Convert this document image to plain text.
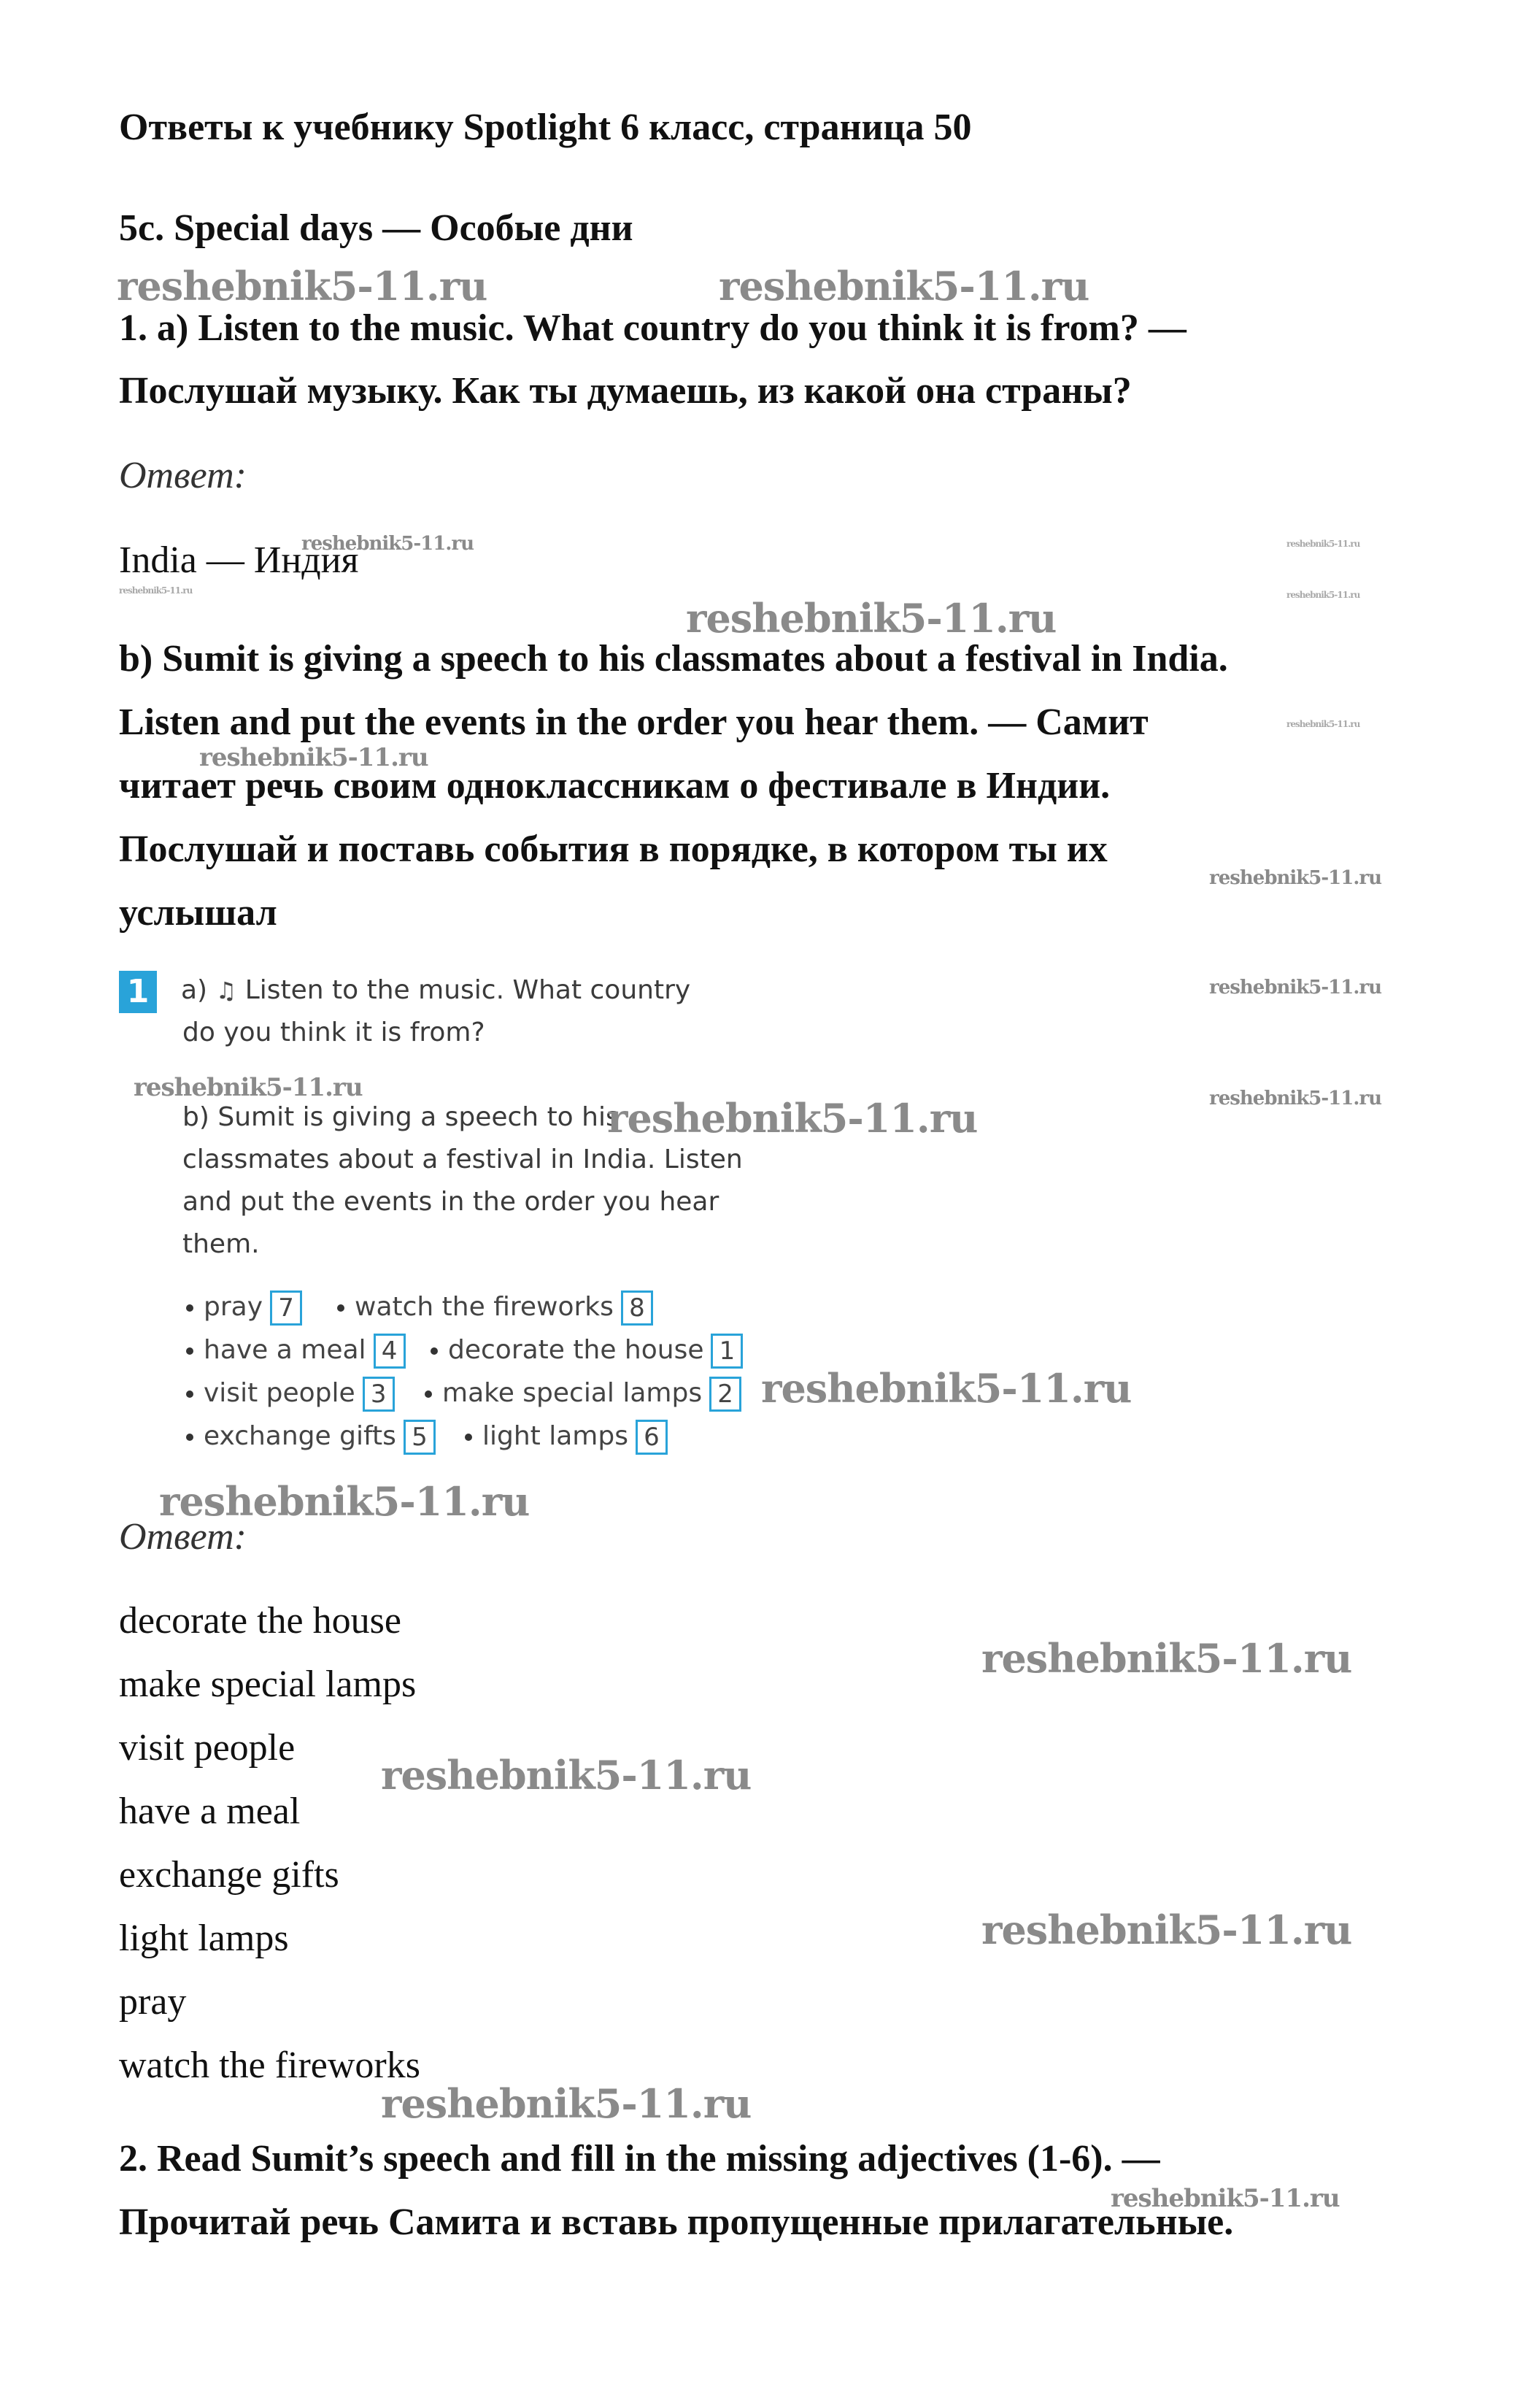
Ответы к учебнику Spotlight 6 класс, страница 50
5c. Special days — Особые дни
1. a) Listen to the music. What country do you think it is from? —
Послушай музыку. Как ты думаешь, из какой она страны?
Ответ:
India — Индия
b) Sumit is giving a speech to his classmates about a festival in India.
Listen and put the events in the order you hear them. — Самит
читает речь своим одноклассникам о фестивале в Индии.
Послушай и поставь события в порядке, в котором ты их
услышал
1 a) ♫ Listen to the music. What country
do you think it is from?
b) Sumit is giving a speech to his
classmates about a festival in India. Listen
and put the events in the order you hear
them.
pray 7
have a meal 4
visit people 3
exchange gifts 5
watch the fireworks 8
decorate the house 1
make special lamps 2
light lamps 6
Ответ:
decorate the house
make special lamps
visit people
have a meal
exchange gifts
light lamps
pray
watch the fireworks
2. Read Sumit’s speech and fill in the missing adjectives (1-6). —
Прочитай речь Самита и вставь пропущенные прилагательные.
reshebnik5-11.ru	reshebnik5-11.ru
reshebnik5-11.ru
reshebnik5-11.ru
reshebnik5-11.ru
reshebnik5-11.ru
reshebnik5-11.ru
reshebnik5-11.ru
reshebnik5-11.ru
reshebnik5-11.ru
reshebnik5-11.ru
reshebnik5-11.ru
reshebnik5-11.ru
reshebnik5-11.ru
reshebnik5-11.ru
reshebnik5-11.ru
reshebnik5-11.ru
reshebnik5-11.ru
reshebnik5-11.ru
reshebnik5-11.ru
reshebnik5-11.ru
